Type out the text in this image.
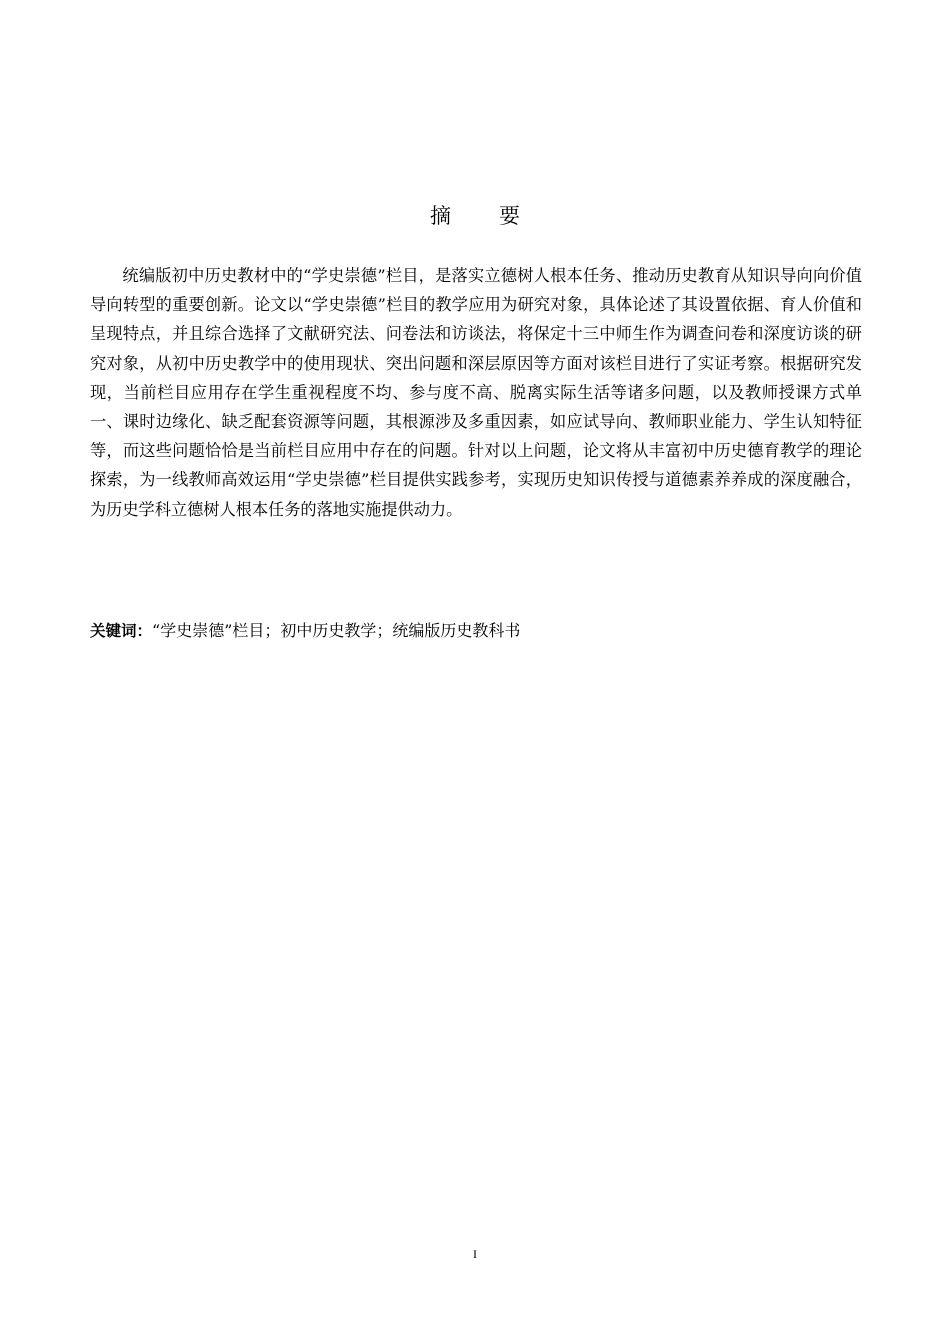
摘要

统编版初中历史教材中的“学史崇德”栏目，是落实立德树人根本任务、推动历史教育从知识导向向价值导向转型的重要创新。论文以“学史崇德”栏目的教学应用为研究对象，具体论述了其设置依据、育人价值和呈现特点，并且综合选择了文献研究法、问卷法和访谈法，将保定十三中师生作为调查问卷和深度访谈的研究对象，从初中历史教学中的使用现状、突出问题和深层原因等方面对该栏目进行了实证考察。根据研究发现，当前栏目应用存在学生重视程度不均、参与度不高、脱离实际生活等诸多问题，以及教师授课方式单一、课时边缘化、缺乏配套资源等问题，其根源涉及多重因素，如应试导向、教师职业能力、学生认知特征等，而这些问题恰恰是当前栏目应用中存在的问题。针对以上问题，论文将从丰富初中历史德育教学的理论探索，为一线教师高效运用“学史崇德”栏目提供实践参考，实现历史知识传授与道德素养养成的深度融合，为历史学科立德树人根本任务的落地实施提供动力。

关键词：“学史崇德”栏目；初中历史教学；统编版历史教科书

I
